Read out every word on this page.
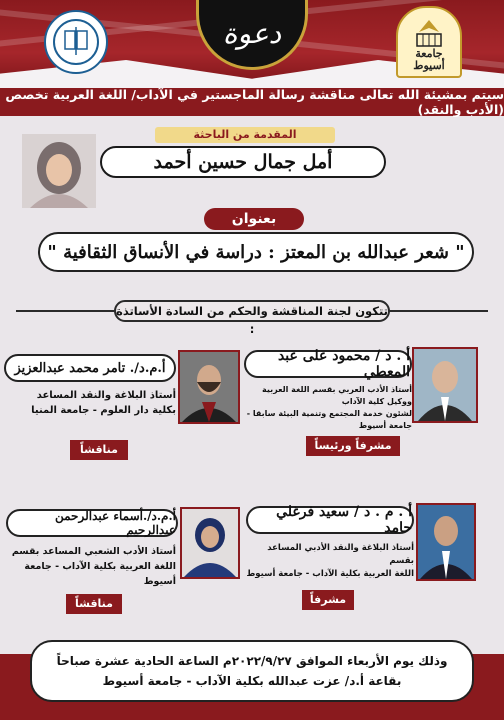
دعوة
جامعة
أسيوط
سيتم بمشيئة الله تعالى مناقشة رسالة الماجستير في الآداب/ اللغة العربية تخصص (الأدب والنقد)
المقدمة من الباحثة
أمل جمال حسين أحمد
بعنوان
" شعر عبدالله بن المعتز : دراسة في الأنساق الثقافية "
تتكون لجنة المناقشة والحكم من السادة الأساتذة :
أ . د / محمود على عبد المعطي
أستاذ الأدب العربي بقسم اللغة العربية ووكيل كلية الآداب
لشئون خدمة المجتمع وتنمية البيئة سابقا - جامعة أسيوط
مشرفاً ورئيساً
أ.م.د/. تامر محمد عبدالعزيز
أستاذ البلاغة والنقد المساعد
بكلية دار العلوم - جامعة المنيا
مناقشاً
أ . م . د / سعيد فرغلي حامد
أستاذ البلاغة والنقد الأدبي المساعد بقسم
اللغة العربية بكلية الآداب - جامعة أسيوط
مشرفاً
أ.م.د/.أسماء عبدالرحمن عبدالرحيم
أستاذ الأدب الشعبي المساعد بقسم
اللغة العربية بكلية الآداب - جامعة أسيوط
مناقشاً
وذلك يوم الأربعاء الموافق ٢٠٢٢/٩/٢٧م الساعة الحادية عشرة صباحاً
بقاعة أ.د/ عزت عبدالله بكلية الآداب - جامعة أسيوط
